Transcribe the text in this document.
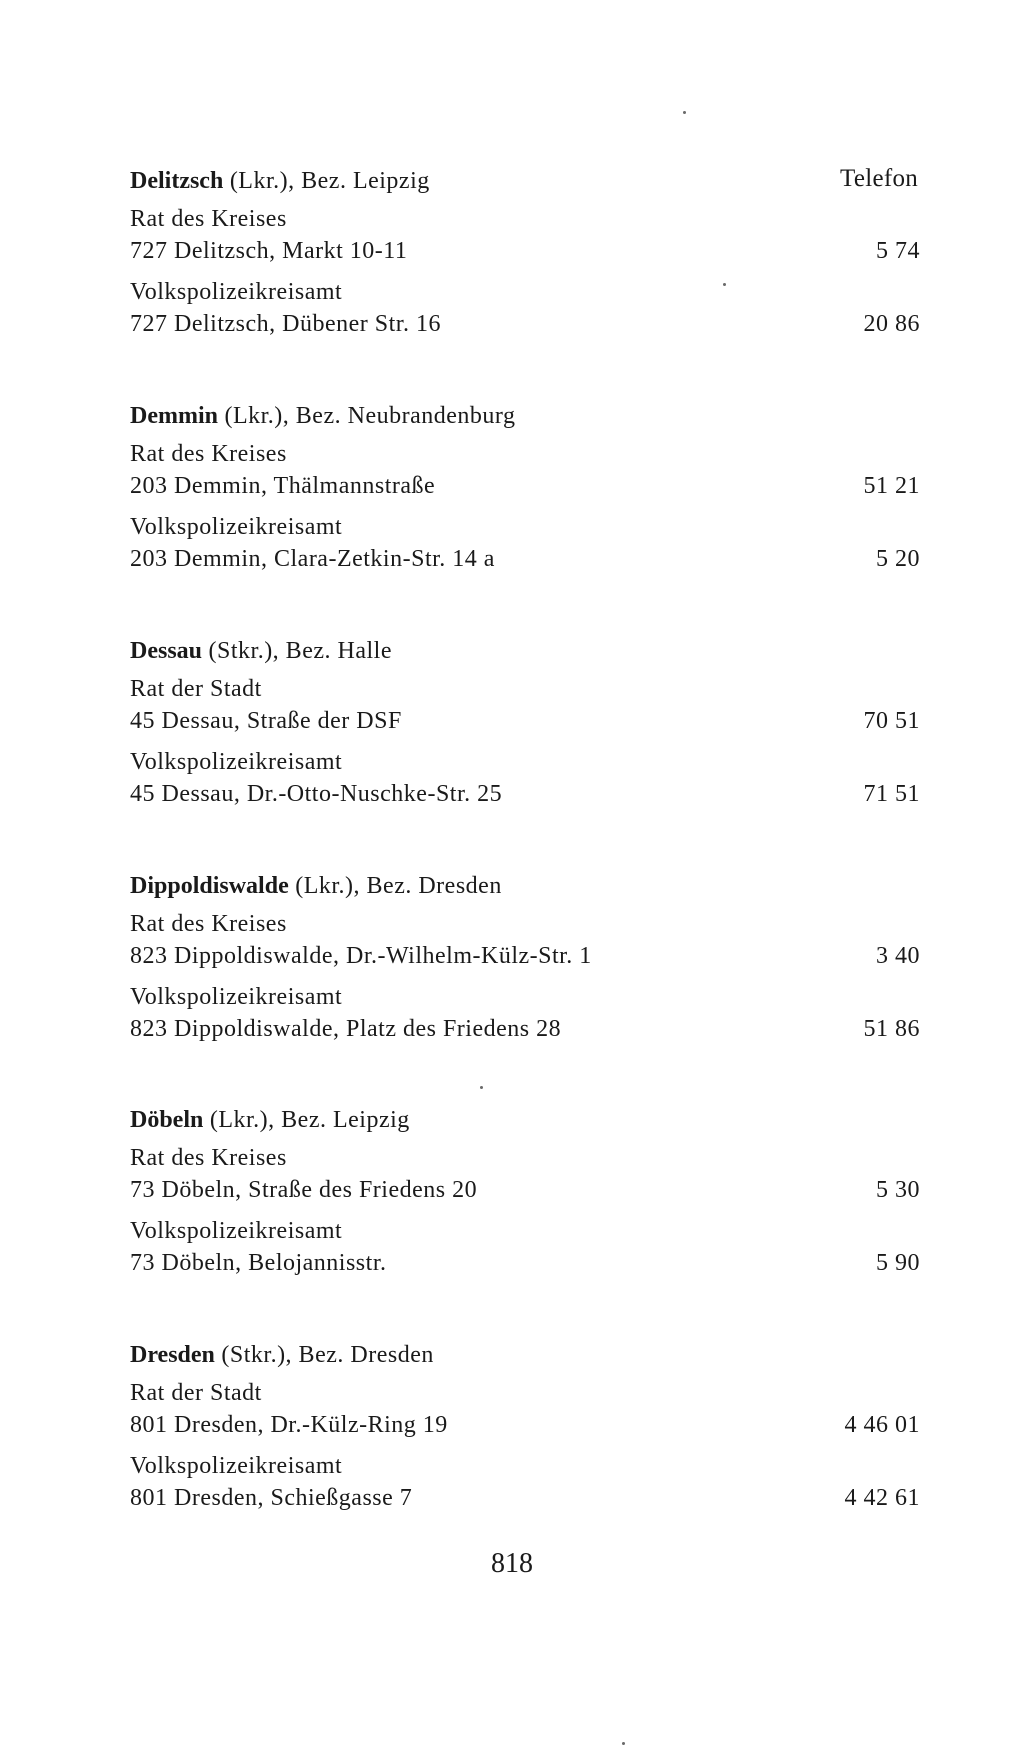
Telefon
Delitzsch (Lkr.), Bez. Leipzig
Rat des Kreises
727 Delitzsch, Markt 10-11	5 74
Volkspolizeikreisamt
727 Delitzsch, Dübener Str. 16	20 86
Demmin (Lkr.), Bez. Neubrandenburg
Rat des Kreises
203 Demmin, Thälmannstraße	51 21
Volkspolizeikreisamt
203 Demmin, Clara-Zetkin-Str. 14 a	5 20
Dessau (Stkr.), Bez. Halle
Rat der Stadt
45 Dessau, Straße der DSF	70 51
Volkspolizeikreisamt
45 Dessau, Dr.-Otto-Nuschke-Str. 25	71 51
Dippoldiswalde (Lkr.), Bez. Dresden
Rat des Kreises
823 Dippoldiswalde, Dr.-Wilhelm-Külz-Str. 1	3 40
Volkspolizeikreisamt
823 Dippoldiswalde, Platz des Friedens 28	51 86
Döbeln (Lkr.), Bez. Leipzig
Rat des Kreises
73 Döbeln, Straße des Friedens 20	5 30
Volkspolizeikreisamt
73 Döbeln, Belojannisstr.	5 90
Dresden (Stkr.), Bez. Dresden
Rat der Stadt
801 Dresden, Dr.-Külz-Ring 19	4 46 01
Volkspolizeikreisamt
801 Dresden, Schießgasse 7	4 42 61
818
